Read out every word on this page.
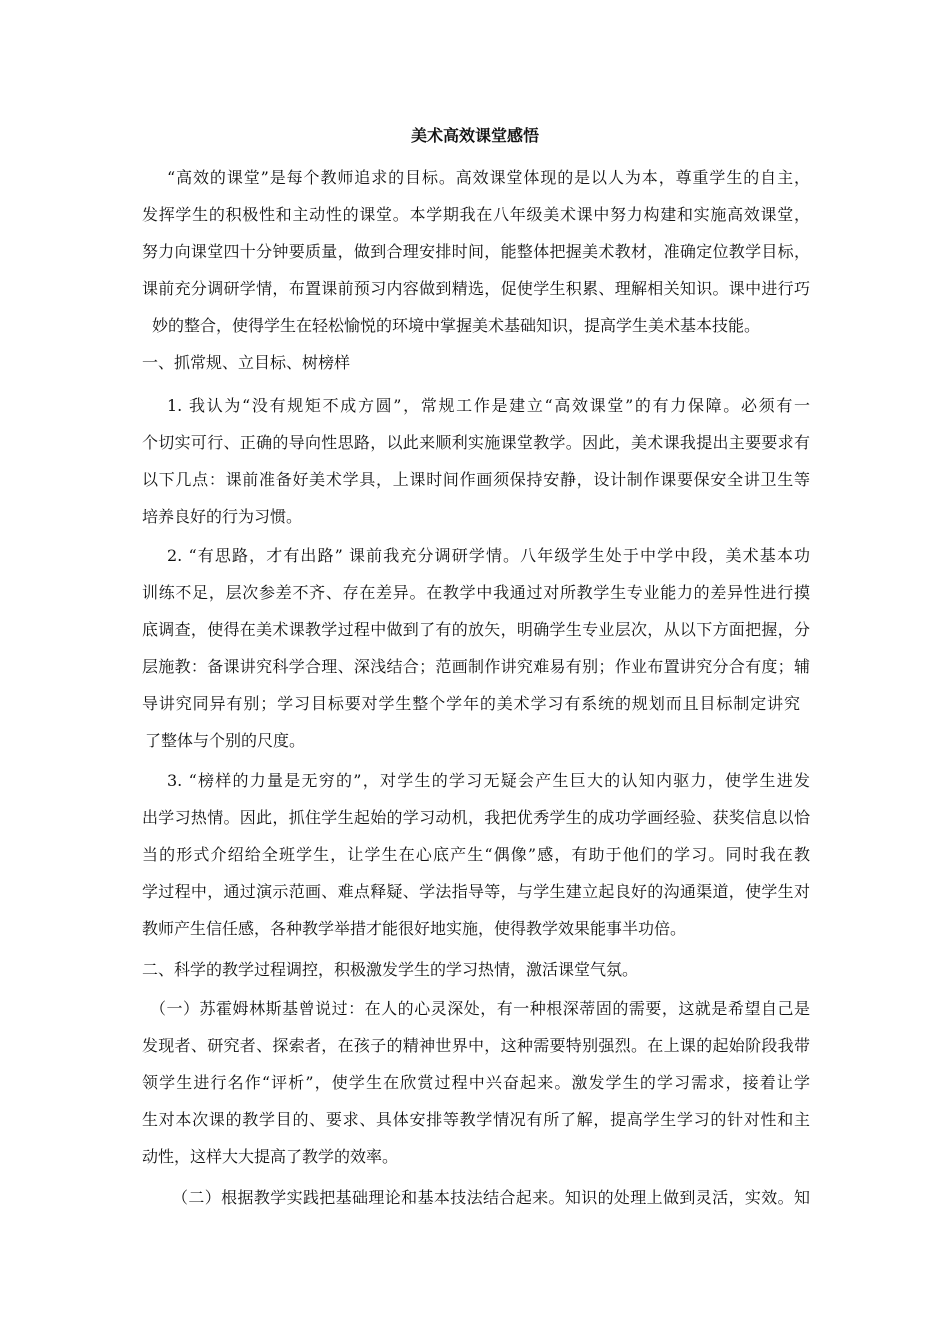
美术高效课堂感悟
“高效的课堂”是每个教师追求的目标。高效课堂体现的是以人为本，尊重学生的自主，
发挥学生的积极性和主动性的课堂。本学期我在八年级美术课中努力构建和实施高效课堂，
努力向课堂四十分钟要质量，做到合理安排时间，能整体把握美术教材，准确定位教学目标，
课前充分调研学情，布置课前预习内容做到精选，促使学生积累、理解相关知识。课中进行巧
妙的整合，使得学生在轻松愉悦的环境中掌握美术基础知识，提高学生美术基本技能。
一、抓常规、立目标、树榜样
1. 我认为“没有规矩不成方圆”，常规工作是建立“高效课堂”的有力保障。必须有一
个切实可行、正确的导向性思路，以此来顺利实施课堂教学。因此，美术课我提出主要要求有
以下几点：课前准备好美术学具，上课时间作画须保持安静，设计制作课要保安全讲卫生等
培养良好的行为习惯。
2. “有思路，才有出路” 课前我充分调研学情。八年级学生处于中学中段，美术基本功
训练不足，层次参差不齐、存在差异。在教学中我通过对所教学生专业能力的差异性进行摸
底调查，使得在美术课教学过程中做到了有的放矢，明确学生专业层次，从以下方面把握，分
层施教：备课讲究科学合理、深浅结合；范画制作讲究难易有别；作业布置讲究分合有度；辅
导讲究同异有别；学习目标要对学生整个学年的美术学习有系统的规划而且目标制定讲究
了整体与个别的尺度。
3. “榜样的力量是无穷的”，对学生的学习无疑会产生巨大的认知内驱力，使学生进发
出学习热情。因此，抓住学生起始的学习动机，我把优秀学生的成功学画经验、获奖信息以恰
当的形式介绍给全班学生，让学生在心底产生“偶像”感，有助于他们的学习。同时我在教
学过程中，通过演示范画、难点释疑、学法指导等，与学生建立起良好的沟通渠道，使学生对
教师产生信任感，各种教学举措才能很好地实施，使得教学效果能事半功倍。
二、科学的教学过程调控，积极激发学生的学习热情，激活课堂气氛。
（一）苏霍姆林斯基曾说过：在人的心灵深处，有一种根深蒂固的需要，这就是希望自己是
发现者、研究者、探索者，在孩子的精神世界中，这种需要特别强烈。在上课的起始阶段我带
领学生进行名作“评析”，使学生在欣赏过程中兴奋起来。激发学生的学习需求，接着让学
生对本次课的教学目的、要求、具体安排等教学情况有所了解，提高学生学习的针对性和主
动性，这样大大提高了教学的效率。
（二）根据教学实践把基础理论和基本技法结合起来。知识的处理上做到灵活，实效。知
